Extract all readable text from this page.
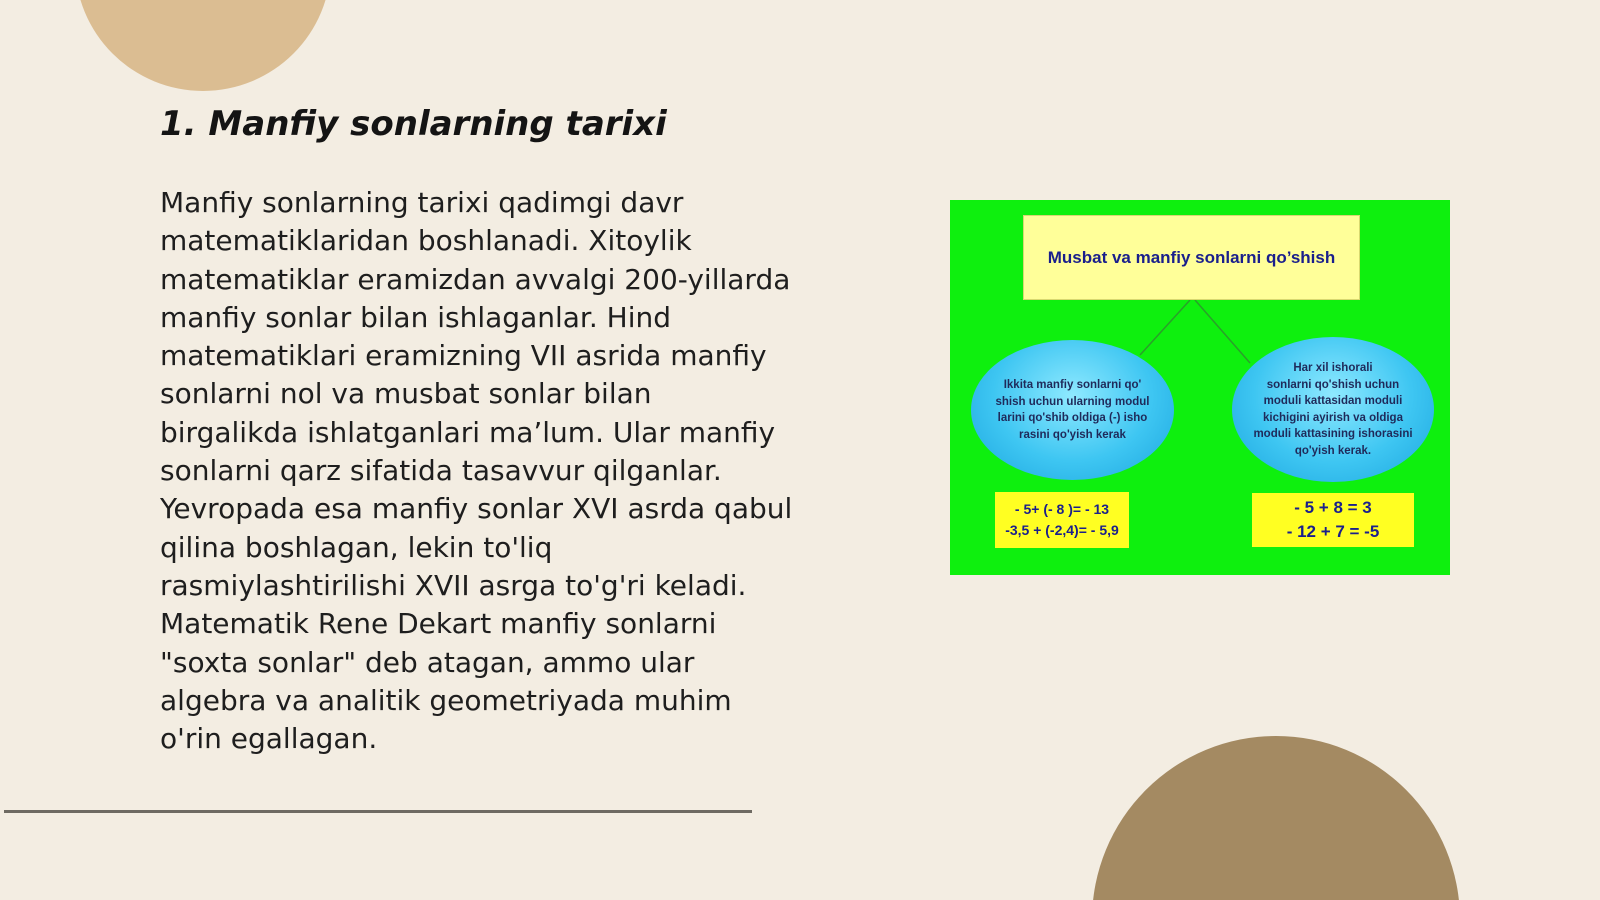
1. Manfiy sonlarning tarixi

Manfiy sonlarning tarixi qadimgi davr
matematiklaridan boshlanadi. Xitoylik
matematiklar eramizdan avvalgi 200-yillarda
manfiy sonlar bilan ishlaganlar. Hind
matematiklari eramizning VII asrida manfiy
sonlarni nol va musbat sonlar bilan
birgalikda ishlatganlari ma’lum. Ular manfiy
sonlarni qarz sifatida tasavvur qilganlar.
Yevropada esa manfiy sonlar XVI asrda qabul
qilina boshlagan, lekin to'liq
rasmiylashtirilishi XVII asrga to'g'ri keladi.
Matematik Rene Dekart manfiy sonlarni
"soxta sonlar" deb atagan, ammo ular
algebra va analitik geometriyada muhim
o'rin egallagan.

Musbat va manfiy sonlarni qo’shish
Ikkita manfiy sonlarni qo'
shish uchun ularning modul
larini qo'shib oldiga (-) isho
rasini qo'yish kerak
Har xil ishorali
sonlarni qo'shish uchun
moduli kattasidan moduli
kichigini ayirish va oldiga
moduli kattasining ishorasini
qo'yish kerak.
- 5+ (- 8 )= - 13
-3,5 + (-2,4)= - 5,9
- 5 + 8 = 3
- 12 + 7 = -5
